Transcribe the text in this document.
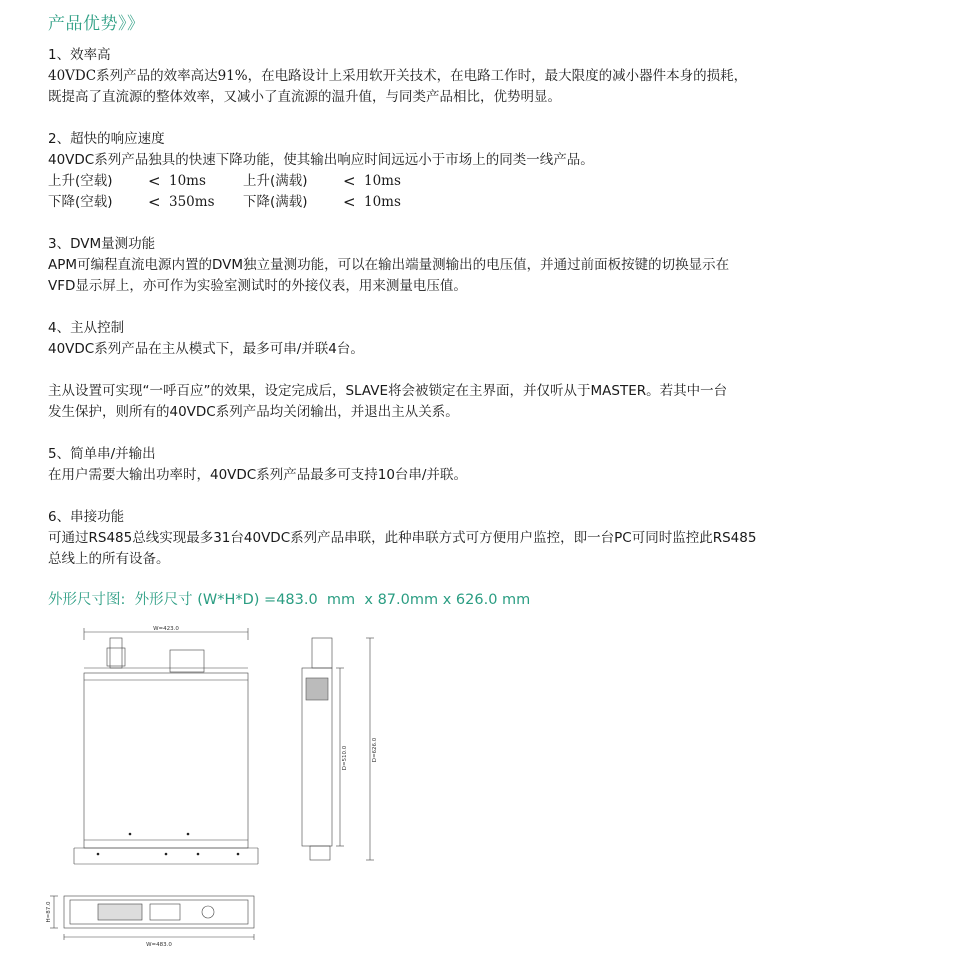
产品优势》》

1、效率高

40VDC系列产品的效率高达91%，在电路设计上采用软开关技术，在电路工作时，最大限度的减小器件本身的损耗，

既提高了直流源的整体效率，又减小了直流源的温升值，与同类产品相比，优势明显。

2、超快的响应速度

40VDC系列产品独具的快速下降功能，使其输出响应时间远远小于市场上的同类一线产品。

上升(空载)	< 10ms	上升(满载)	< 10ms
下降(空载)	< 350ms	下降(满载)	< 10ms

3、DVM量测功能

APM可编程直流电源内置的DVM独立量测功能，可以在输出端量测输出的电压值，并通过前面板按键的切换显示在

VFD显示屏上，亦可作为实验室测试时的外接仪表，用来测量电压值。

4、主从控制

40VDC系列产品在主从模式下，最多可串/并联4台。

主从设置可实现“一呼百应”的效果，设定完成后，SLAVE将会被锁定在主界面，并仅听从于MASTER。若其中一台

发生保护，则所有的40VDC系列产品均关闭输出，并退出主从关系。

5、简单串/并输出

在用户需要大输出功率时，40VDC系列产品最多可支持10台串/并联。

6、串接功能

可通过RS485总线实现最多31台40VDC系列产品串联，此种串联方式可方便用户监控，即一台PC可同时监控此RS485

总线上的所有设备。

外形尺寸图: 外形尺寸 (W*H*D) =483.0  mm  x 87.0mm x 626.0 mm
W=423.0
D=510.0	D=626.0
H=87.0
W=483.0
